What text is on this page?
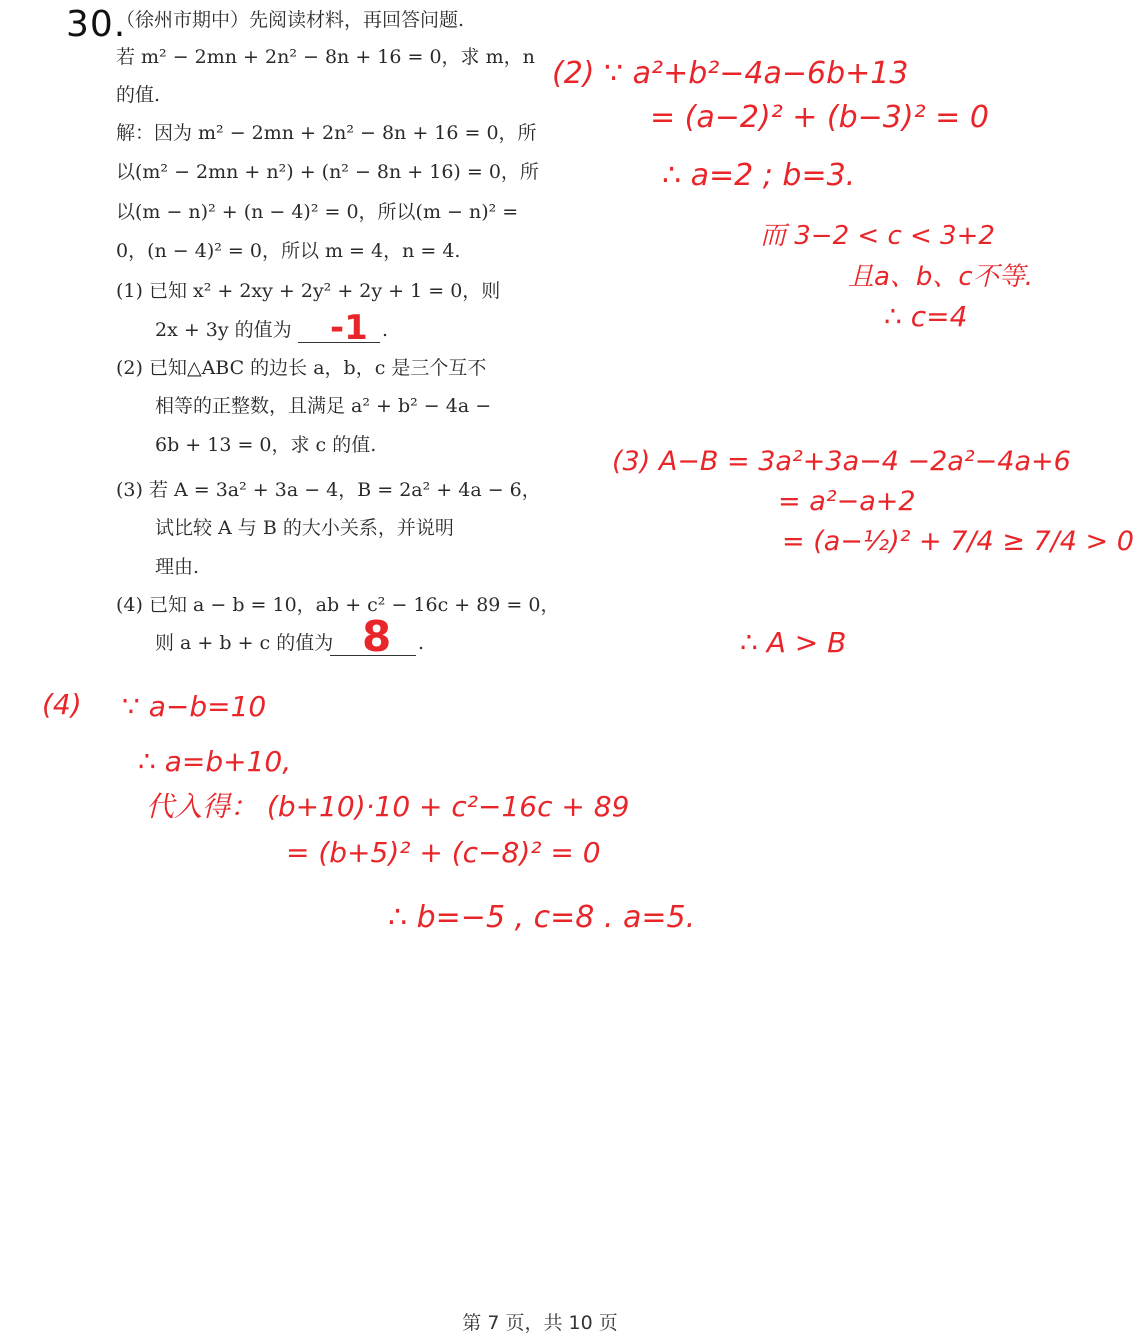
30.
（徐州市期中）先阅读材料，再回答问题.
若 m² − 2mn + 2n² − 8n + 16 = 0，求 m，n
的值.
解：因为 m² − 2mn + 2n² − 8n + 16 = 0，所
以(m² − 2mn + n²) + (n² − 8n + 16) = 0，所
以(m − n)² + (n − 4)² = 0，所以(m − n)² =
0，(n − 4)² = 0，所以 m = 4，n = 4.
(1) 已知 x² + 2xy + 2y² + 2y + 1 = 0，则
2x + 3y 的值为 -1 .
(2) 已知△ABC 的边长 a，b，c 是三个互不
相等的正整数，且满足 a² + b² − 4a −
6b + 13 = 0，求 c 的值.
(3) 若 A = 3a² + 3a − 4，B = 2a² + 4a − 6，
试比较 A 与 B 的大小关系，并说明
理由.
(4) 已知 a − b = 10，ab + c² − 16c + 89 = 0，
则 a + b + c 的值为 8 .
(2) ∵ a²+b²−4a−6b+13
= (a−2)² + (b−3)² = 0
∴ a=2 ; b=3.
而 3−2 < c < 3+2
且a、b、c不等.
∴ c=4
(3) A−B = 3a²+3a−4 −2a²−4a+6
= a²−a+2
= (a−½)² + 7/4 ≥ 7/4 > 0
∴ A > B
(4) ∵ a−b=10
∴ a=b+10,
代入得： (b+10)·10 + c²−16c + 89
= (b+5)² + (c−8)² = 0
∴ b=−5 , c=8 . a=5.
第 7 页，共 10 页
